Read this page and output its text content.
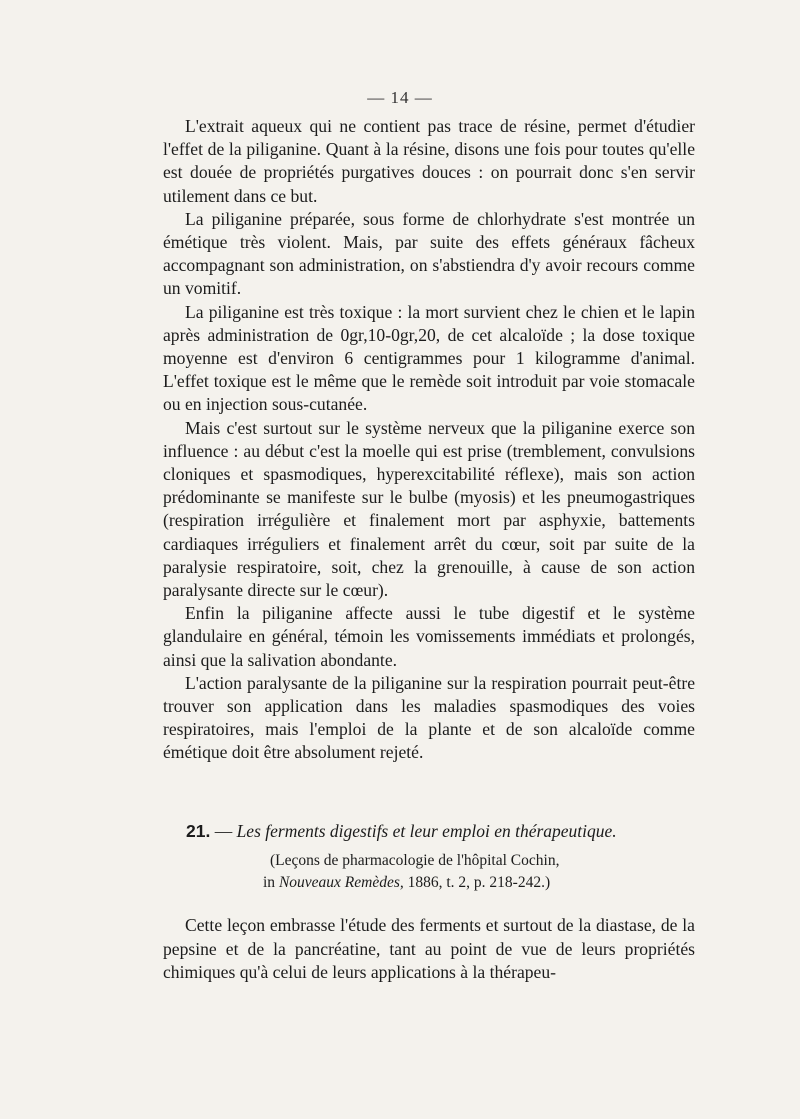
— 14 —

L'extrait aqueux qui ne contient pas trace de résine, permet d'étudier l'effet de la piliganine. Quant à la résine, disons une fois pour toutes qu'elle est douée de propriétés purgatives douces : on pourrait donc s'en servir utilement dans ce but.

La piliganine préparée, sous forme de chlorhydrate s'est montrée un émétique très violent. Mais, par suite des effets généraux fâcheux accompagnant son administration, on s'abstiendra d'y avoir recours comme un vomitif.

La piliganine est très toxique : la mort survient chez le chien et le lapin après administration de 0gr,10-0gr,20, de cet alcaloïde ; la dose toxique moyenne est d'environ 6 centigrammes pour 1 kilogramme d'animal. L'effet toxique est le même que le remède soit introduit par voie stomacale ou en injection sous-cutanée.

Mais c'est surtout sur le système nerveux que la piliganine exerce son influence : au début c'est la moelle qui est prise (tremblement, convulsions cloniques et spasmodiques, hyperexcitabilité réflexe), mais son action prédominante se manifeste sur le bulbe (myosis) et les pneumogastriques (respiration irrégulière et finalement mort par asphyxie, battements cardiaques irréguliers et finalement arrêt du cœur, soit par suite de la paralysie respiratoire, soit, chez la grenouille, à cause de son action paralysante directe sur le cœur).

Enfin la piliganine affecte aussi le tube digestif et le système glandulaire en général, témoin les vomissements immédiats et prolongés, ainsi que la salivation abondante.

L'action paralysante de la piliganine sur la respiration pourrait peut-être trouver son application dans les maladies spasmodiques des voies respiratoires, mais l'emploi de la plante et de son alcaloïde comme émétique doit être absolument rejeté.

21. — Les ferments digestifs et leur emploi en thérapeutique.
(Leçons de pharmacologie de l'hôpital Cochin,
in Nouveaux Remèdes, 1886, t. 2, p. 218-242.)

Cette leçon embrasse l'étude des ferments et surtout de la diastase, de la pepsine et de la pancréatine, tant au point de vue de leurs propriétés chimiques qu'à celui de leurs applications à la thérapeu-
